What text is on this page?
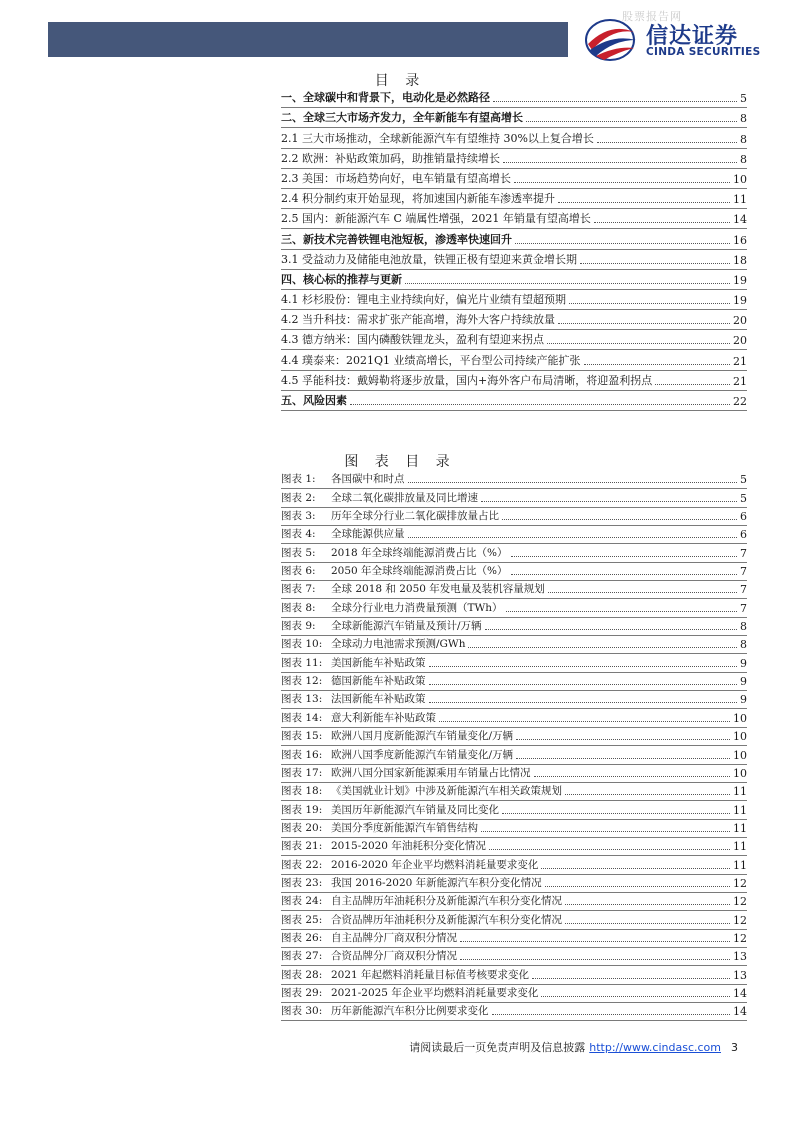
股票报告网
信达证券
CINDA SECURITIES
目 录
一、全球碳中和背景下，电动化是必然路径	5
二、全球三大市场齐发力，全年新能车有望高增长	8
2.1 三大市场推动，全球新能源汽车有望维持 30%以上复合增长	8
2.2 欧洲：补贴政策加码，助推销量持续增长	8
2.3 美国：市场趋势向好，电车销量有望高增长	10
2.4 积分制约束开始显现，将加速国内新能车渗透率提升	11
2.5 国内：新能源汽车 C 端属性增强，2021 年销量有望高增长	14
三、新技术完善铁锂电池短板，渗透率快速回升	16
3.1 受益动力及储能电池放量，铁锂正极有望迎来黄金增长期	18
四、核心标的推荐与更新	19
4.1 杉杉股份：锂电主业持续向好，偏光片业绩有望超预期	19
4.2 当升科技：需求扩张产能高增，海外大客户持续放量	20
4.3 德方纳米：国内磷酸铁锂龙头，盈利有望迎来拐点	20
4.4 璞泰来：2021Q1 业绩高增长，平台型公司持续产能扩张	21
4.5 孚能科技：戴姆勒将逐步放量，国内+海外客户布局清晰，将迎盈利拐点	21
五、风险因素	22
图 表 目 录
图表 1:	各国碳中和时点	5
图表 2:	全球二氧化碳排放量及同比增速	5
图表 3:	历年全球分行业二氧化碳排放量占比	6
图表 4:	全球能源供应量	6
图表 5:	2018 年全球终端能源消费占比（%）	7
图表 6:	2050 年全球终端能源消费占比（%）	7
图表 7:	全球 2018 和 2050 年发电量及装机容量规划	7
图表 8:	全球分行业电力消费量预测（TWh）	7
图表 9:	全球新能源汽车销量及预计/万辆	8
图表 10: 全球动力电池需求预测/GWh	8
图表 11: 美国新能车补贴政策	9
图表 12: 德国新能车补贴政策	9
图表 13: 法国新能车补贴政策	9
图表 14: 意大利新能车补贴政策	10
图表 15: 欧洲八国月度新能源汽车销量变化/万辆	10
图表 16: 欧洲八国季度新能源汽车销量变化/万辆	10
图表 17: 欧洲八国分国家新能源乘用车销量占比情况	10
图表 18: 《美国就业计划》中涉及新能源汽车相关政策规划	11
图表 19: 美国历年新能源汽车销量及同比变化	11
图表 20: 美国分季度新能源汽车销售结构	11
图表 21: 2015-2020 年油耗积分变化情况	11
图表 22: 2016-2020 年企业平均燃料消耗量要求变化	11
图表 23: 我国 2016-2020 年新能源汽车积分变化情况	12
图表 24: 自主品牌历年油耗积分及新能源汽车积分变化情况	12
图表 25: 合资品牌历年油耗积分及新能源汽车积分变化情况	12
图表 26: 自主品牌分厂商双积分情况	12
图表 27: 合资品牌分厂商双积分情况	13
图表 28: 2021 年起燃料消耗量目标值考核要求变化	13
图表 29: 2021-2025 年企业平均燃料消耗量要求变化	14
图表 30: 历年新能源汽车积分比例要求变化	14
请阅读最后一页免责声明及信息披露 http://www.cindasc.com 3
